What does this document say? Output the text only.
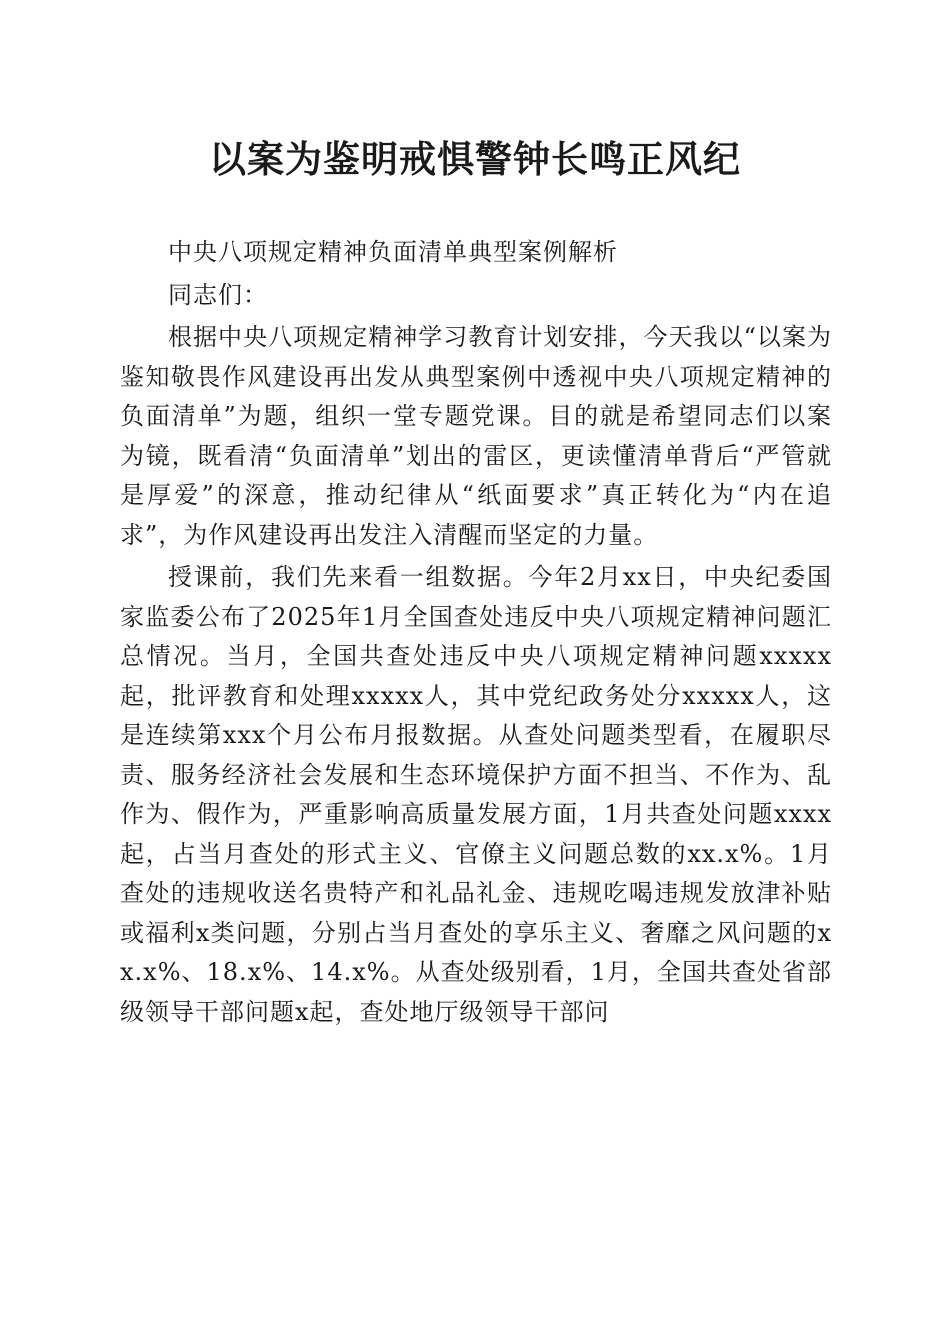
以案为鉴明戒惧警钟长鸣正风纪

中央八项规定精神负面清单典型案例解析

同志们：

根据中央八项规定精神学习教育计划安排，今天我以“以案为鉴知敬畏作风建设再出发从典型案例中透视中央八项规定精神的负面清单”为题，组织一堂专题党课。目的就是希望同志们以案为镜，既看清“负面清单”划出的雷区，更读懂清单背后“严管就是厚爱”的深意，推动纪律从“纸面要求”真正转化为“内在追求”，为作风建设再出发注入清醒而坚定的力量。

授课前，我们先来看一组数据。今年2月xx日，中央纪委国家监委公布了2025年1月全国查处违反中央八项规定精神问题汇总情况。当月，全国共查处违反中央八项规定精神问题xxxxx起，批评教育和处理xxxxx人，其中党纪政务处分xxxxx人，这是连续第xxx个月公布月报数据。从查处问题类型看，在履职尽责、服务经济社会发展和生态环境保护方面不担当、不作为、乱作为、假作为，严重影响高质量发展方面，1月共查处问题xxxx起，占当月查处的形式主义、官僚主义问题总数的xx.x%。1月查处的违规收送名贵特产和礼品礼金、违规吃喝违规发放津补贴或福利x类问题，分别占当月查处的享乐主义、奢靡之风问题的xx.x%、18.x%、14.x%。从查处级别看，1月，全国共查处省部级领导干部问题x起，查处地厅级领导干部问
